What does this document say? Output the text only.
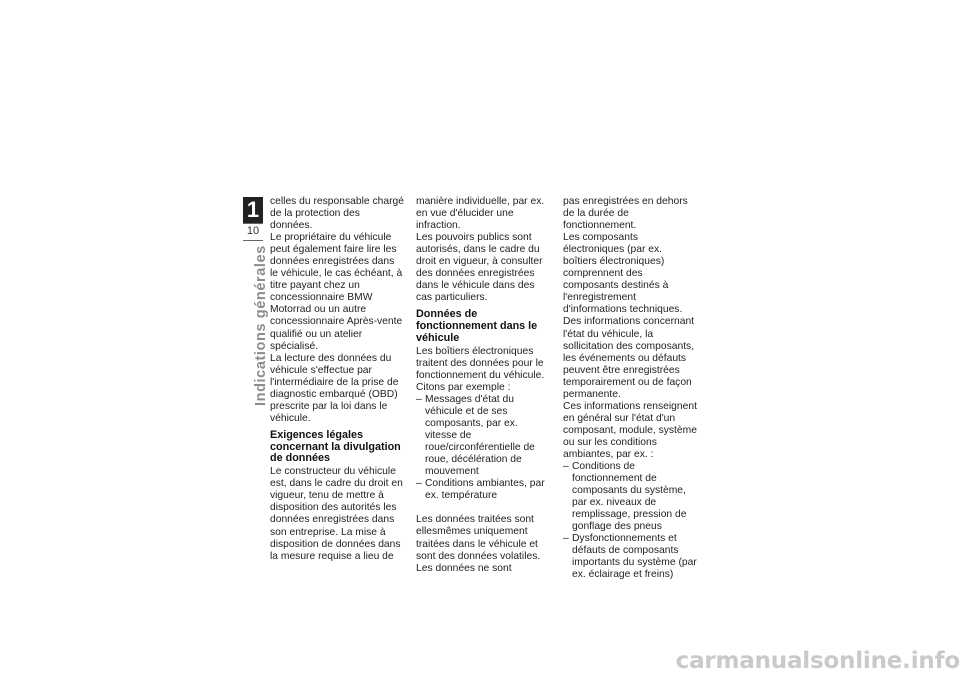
1
10
Indications générales

celles du responsable chargé de la protection des données.

Le propriétaire du véhicule peut également faire lire les données enregistrées dans le véhicule, le cas échéant, à titre payant chez un concessionnaire BMW Motorrad ou un autre concessionnaire Après-vente qualifié ou un atelier spécialisé.

La lecture des données du véhicule s'effectue par l'intermédiaire de la prise de diagnostic embarqué (OBD) prescrite par la loi dans le véhicule.

Exigences légales concernant la divulgation de données

Le constructeur du véhicule est, dans le cadre du droit en vigueur, tenu de mettre à disposition des autorités les données enregistrées dans son entreprise. La mise à disposition de données dans la mesure requise a lieu de

manière individuelle, par ex. en vue d'élucider une infraction.

Les pouvoirs publics sont autorisés, dans le cadre du droit en vigueur, à consulter des données enregistrées dans le véhicule dans des cas particuliers.

Données de fonctionnement dans le véhicule

Les boîtiers électroniques traitent des données pour le fonctionnement du véhicule.

Citons par exemple :

– Messages d'état du véhicule et de ses composants, par ex. vitesse de roue/circonférentielle de roue, décélération de mouvement
– Conditions ambiantes, par ex. température

Les données traitées sont ellesmêmes uniquement traitées dans le véhicule et sont des données volatiles. Les données ne sont

pas enregistrées en dehors de la durée de fonctionnement.

Les composants électroniques (par ex. boîtiers électroniques) comprennent des composants destinés à l'enregistrement d'informations techniques. Des informations concernant l'état du véhicule, la sollicitation des composants, les événements ou défauts peuvent être enregistrées temporairement ou de façon permanente.

Ces informations renseignent en général sur l'état d'un composant, module, système ou sur les conditions ambiantes, par ex. :

– Conditions de fonctionnement de composants du système, par ex. niveaux de remplissage, pression de gonflage des pneus
– Dysfonctionnements et défauts de composants importants du système (par ex. éclairage et freins)
carmanualsonline.info
